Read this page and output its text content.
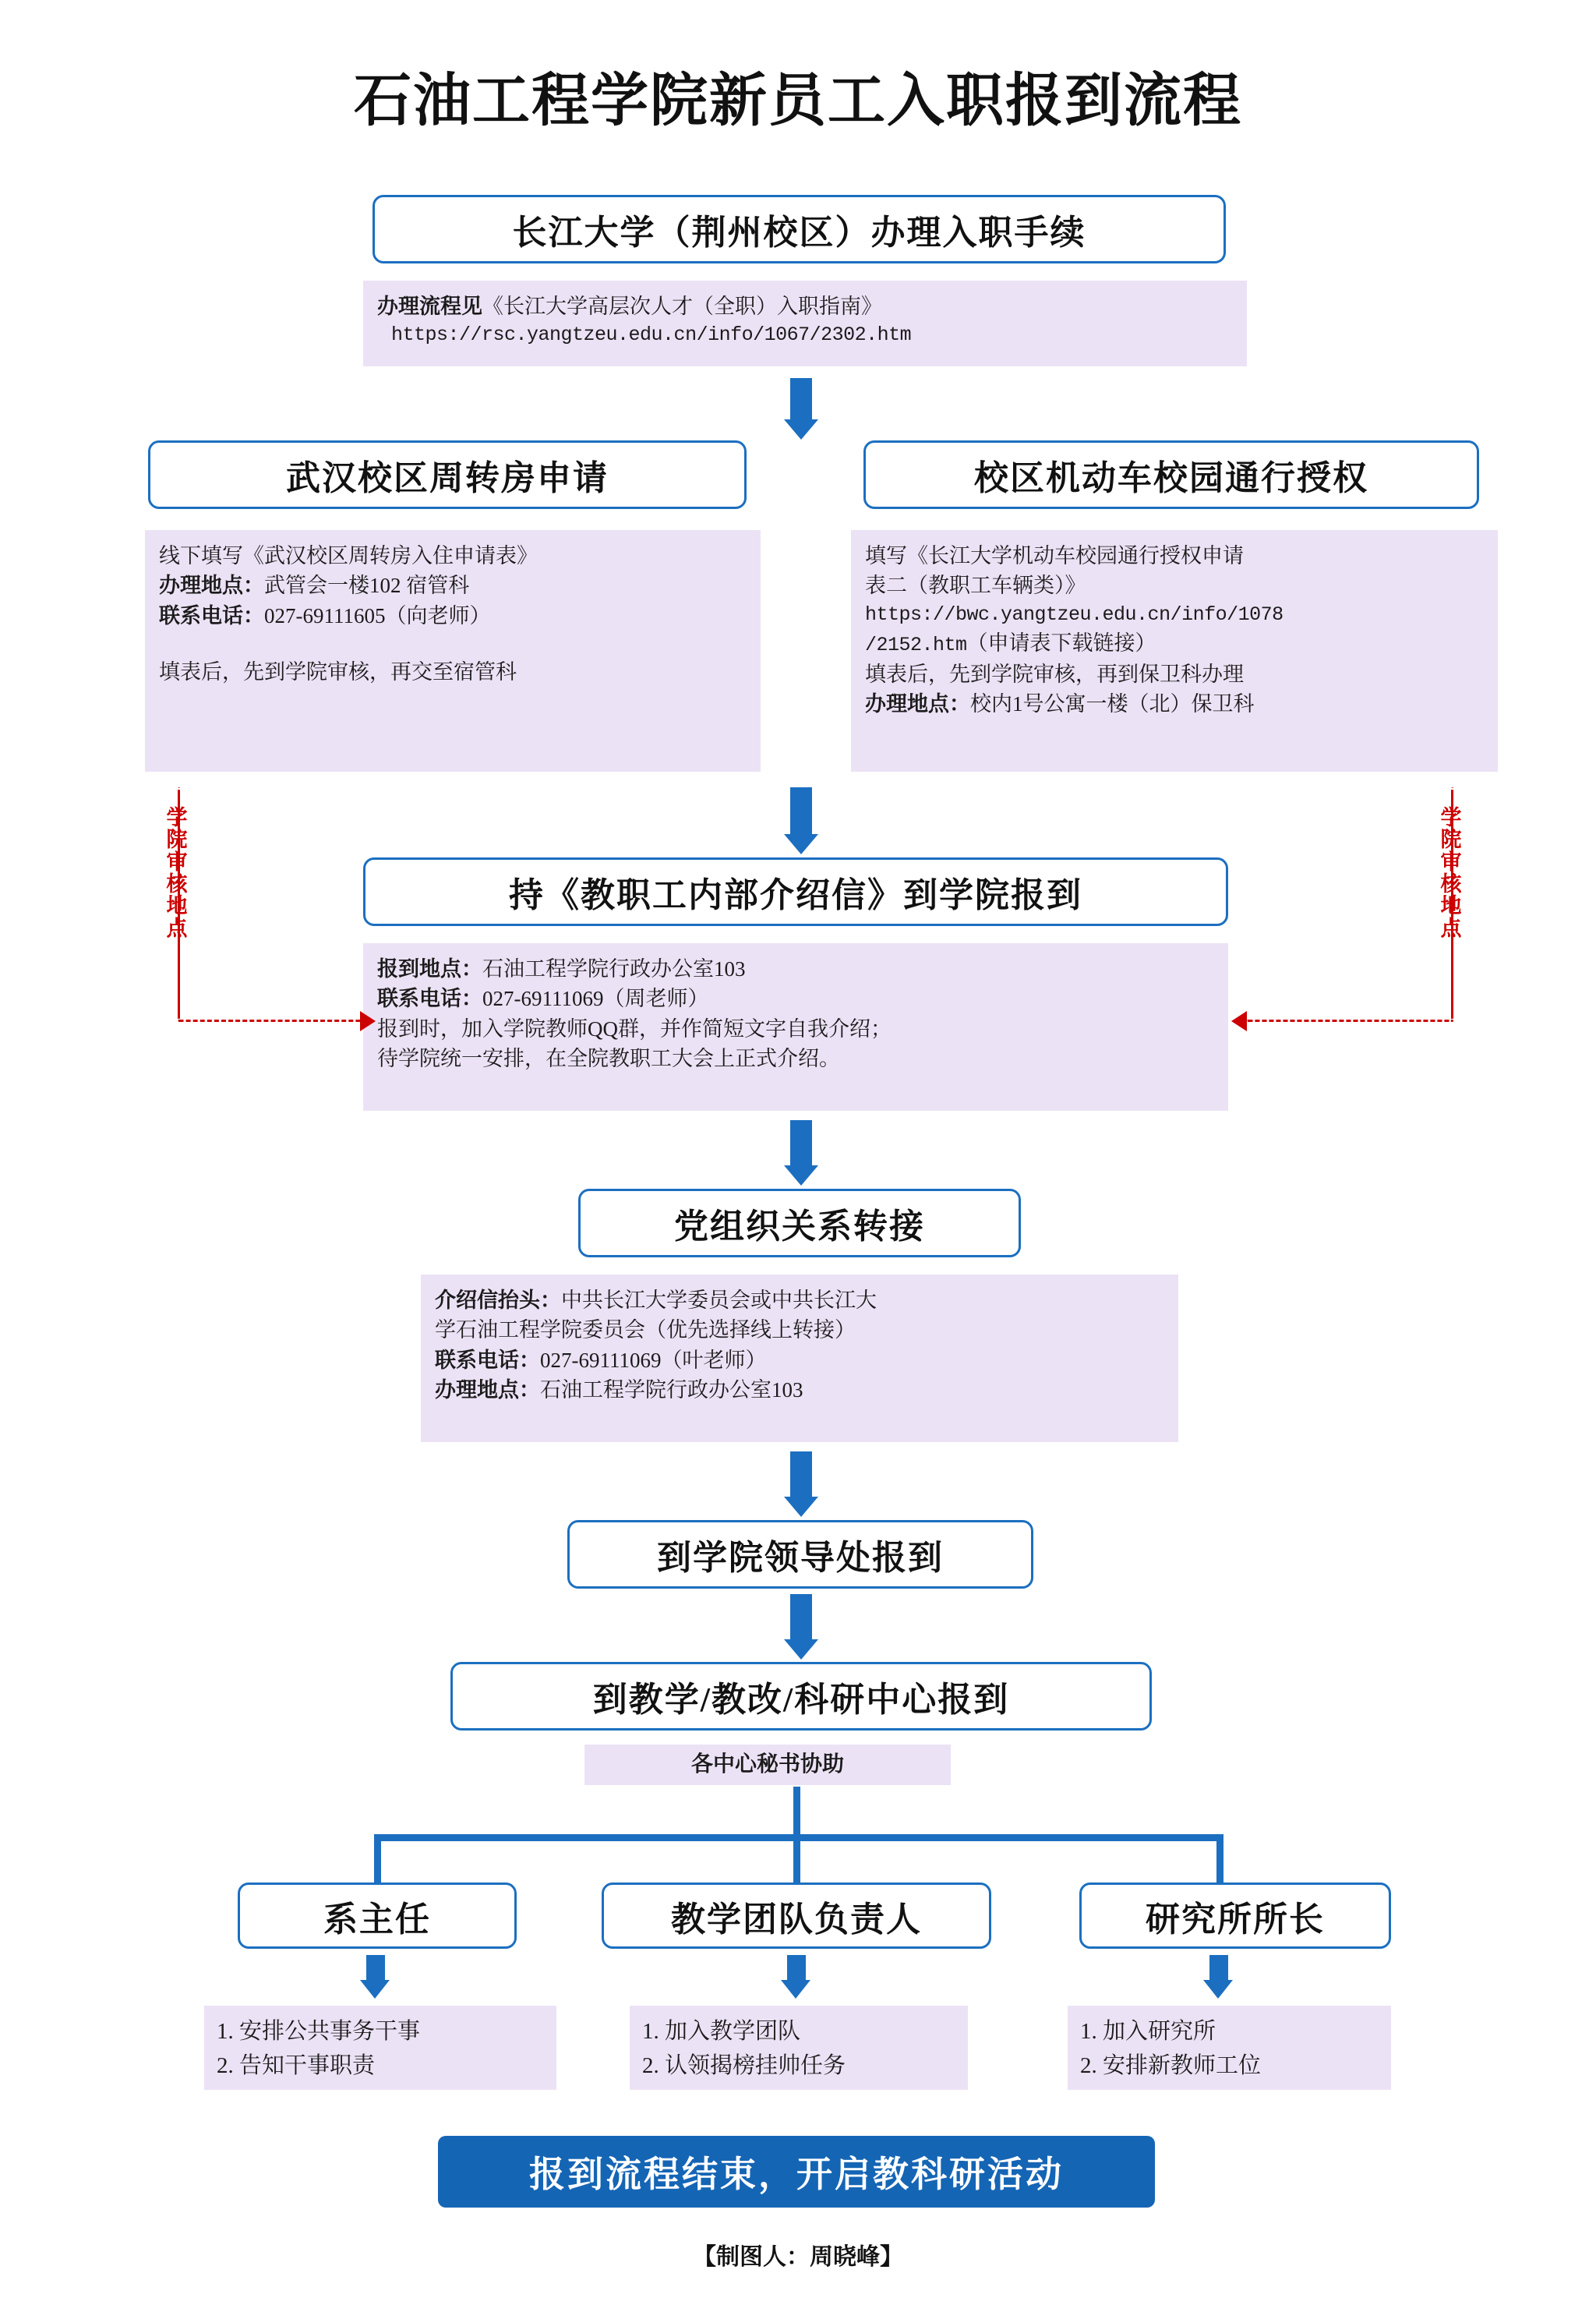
石油工程学院新员工入职报到流程
长江大学（荆州校区）办理入职手续
办理流程见《长江大学高层次人才（全职）入职指南》
https://rsc.yangtzeu.edu.cn/info/1067/2302.htm
武汉校区周转房申请	校区机动车校园通行授权
线下填写《武汉校区周转房入住申请表》
办理地点：武管会一楼102 宿管科
联系电话：027-69111605（向老师）
填表后，先到学院审核，再交至宿管科
填写《长江大学机动车校园通行授权申请
表二（教职工车辆类）》
https://bwc.yangtzeu.edu.cn/info/1078
/2152.htm（申请表下载链接）
填表后，先到学院审核，再到保卫科办理
办理地点：校内1号公寓一楼（北）保卫科
持《教职工内部介绍信》到学院报到
报到地点：石油工程学院行政办公室103
联系电话：027-69111069（周老师）
报到时，加入学院教师QQ群，并作简短文字自我介绍；
待学院统一安排，在全院教职工大会上正式介绍。
学院审核地点
学院审核地点
党组织关系转接
介绍信抬头：中共长江大学委员会或中共长江大
学石油工程学院委员会（优先选择线上转接）
联系电话：027-69111069（叶老师）
办理地点：石油工程学院行政办公室103
到学院领导处报到
到教学/教改/科研中心报到
各中心秘书协助
系主任	教学团队负责人	研究所所长
1. 安排公共事务干事
2. 告知干事职责
1. 加入教学团队
2. 认领揭榜挂帅任务
1. 加入研究所
2. 安排新教师工位
报到流程结束，开启教科研活动
【制图人：周晓峰】
